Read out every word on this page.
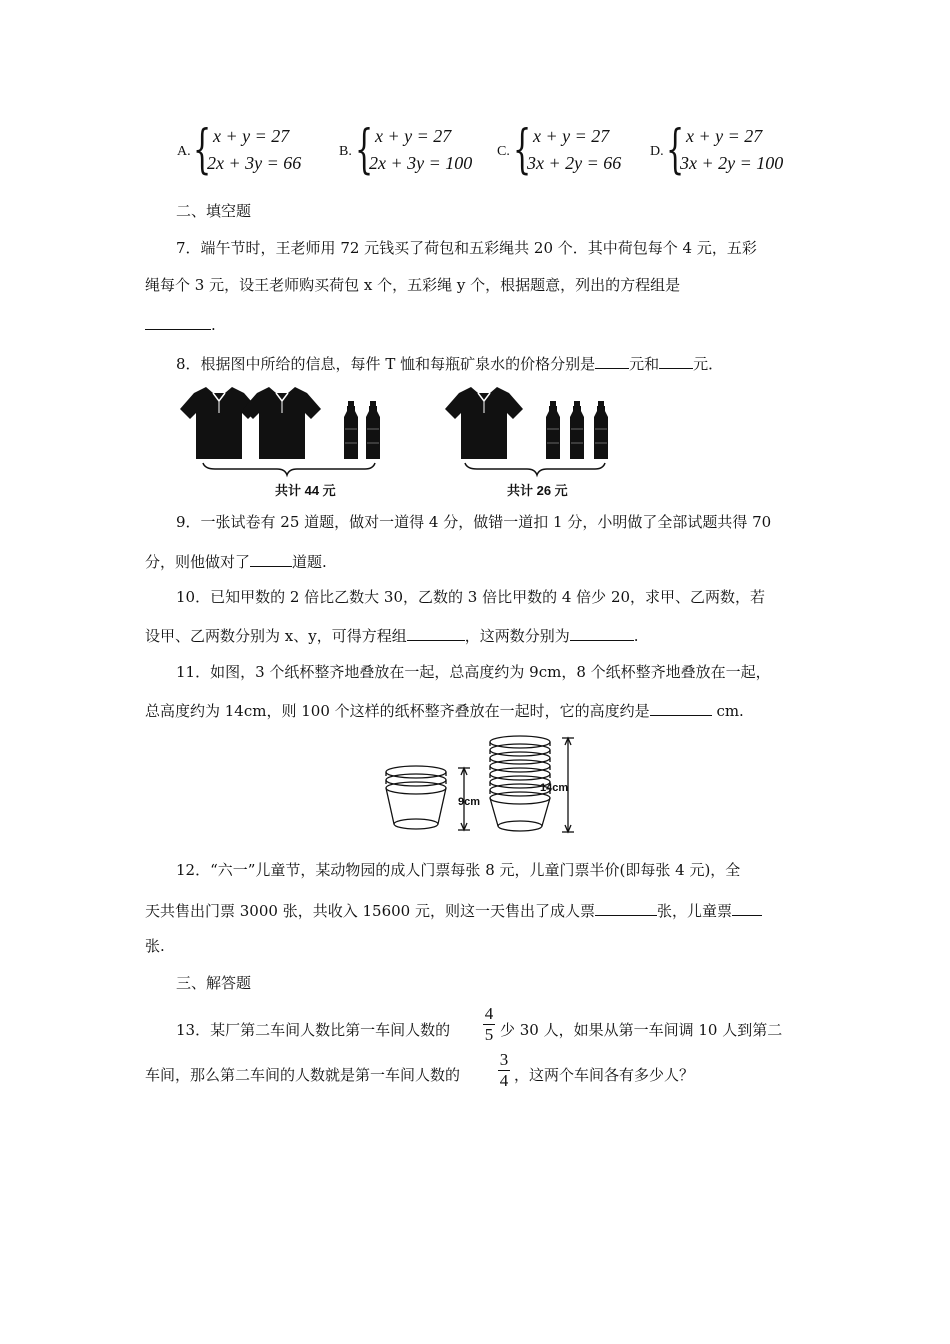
A. { x + y = 27
2x + 3y = 66
B. { x + y = 27
2x + 3y = 100
C. { x + y = 27
3x + 2y = 66
D. { x + y = 27
3x + 2y = 100
二、填空题
7．端午节时，王老师用 72 元钱买了荷包和五彩绳共 20 个．其中荷包每个 4 元，五彩
绳每个 3 元，设王老师购买荷包 x 个，五彩绳 y 个，根据题意，列出的方程组是
.
8．根据图中所给的信息，每件 T 恤和每瓶矿泉水的价格分别是 元和 元．
共计 44 元	共计 26 元
9．一张试卷有 25 道题，做对一道得 4 分，做错一道扣 1 分，小明做了全部试题共得 70
分，则他做对了	道题.
10．已知甲数的 2 倍比乙数大 30，乙数的 3 倍比甲数的 4 倍少 20，求甲、乙两数，若
设甲、乙两数分别为 x、y，可得方程组	，这两数分别为	.
11．如图，3 个纸杯整齐地叠放在一起，总高度约为 9cm，8 个纸杯整齐地叠放在一起，
总高度约为 14cm，则 100 个这样的纸杯整齐叠放在一起时，它的高度约是	cm.
9cm
14cm
12．“六一”儿童节，某动物园的成人门票每张 8 元，儿童门票半价(即每张 4 元)，全
天共售出门票 3000 张，共收入 15600 元，则这一天售出了成人票	张，儿童票
张.
三、解答题
13．某厂第二车间人数比第一车间人数的
4
5 少 30 人，如果从第一车间调 10 人到第二
车间，那么第二车间的人数就是第一车间人数的
3
4 ，这两个车间各有多少人？
